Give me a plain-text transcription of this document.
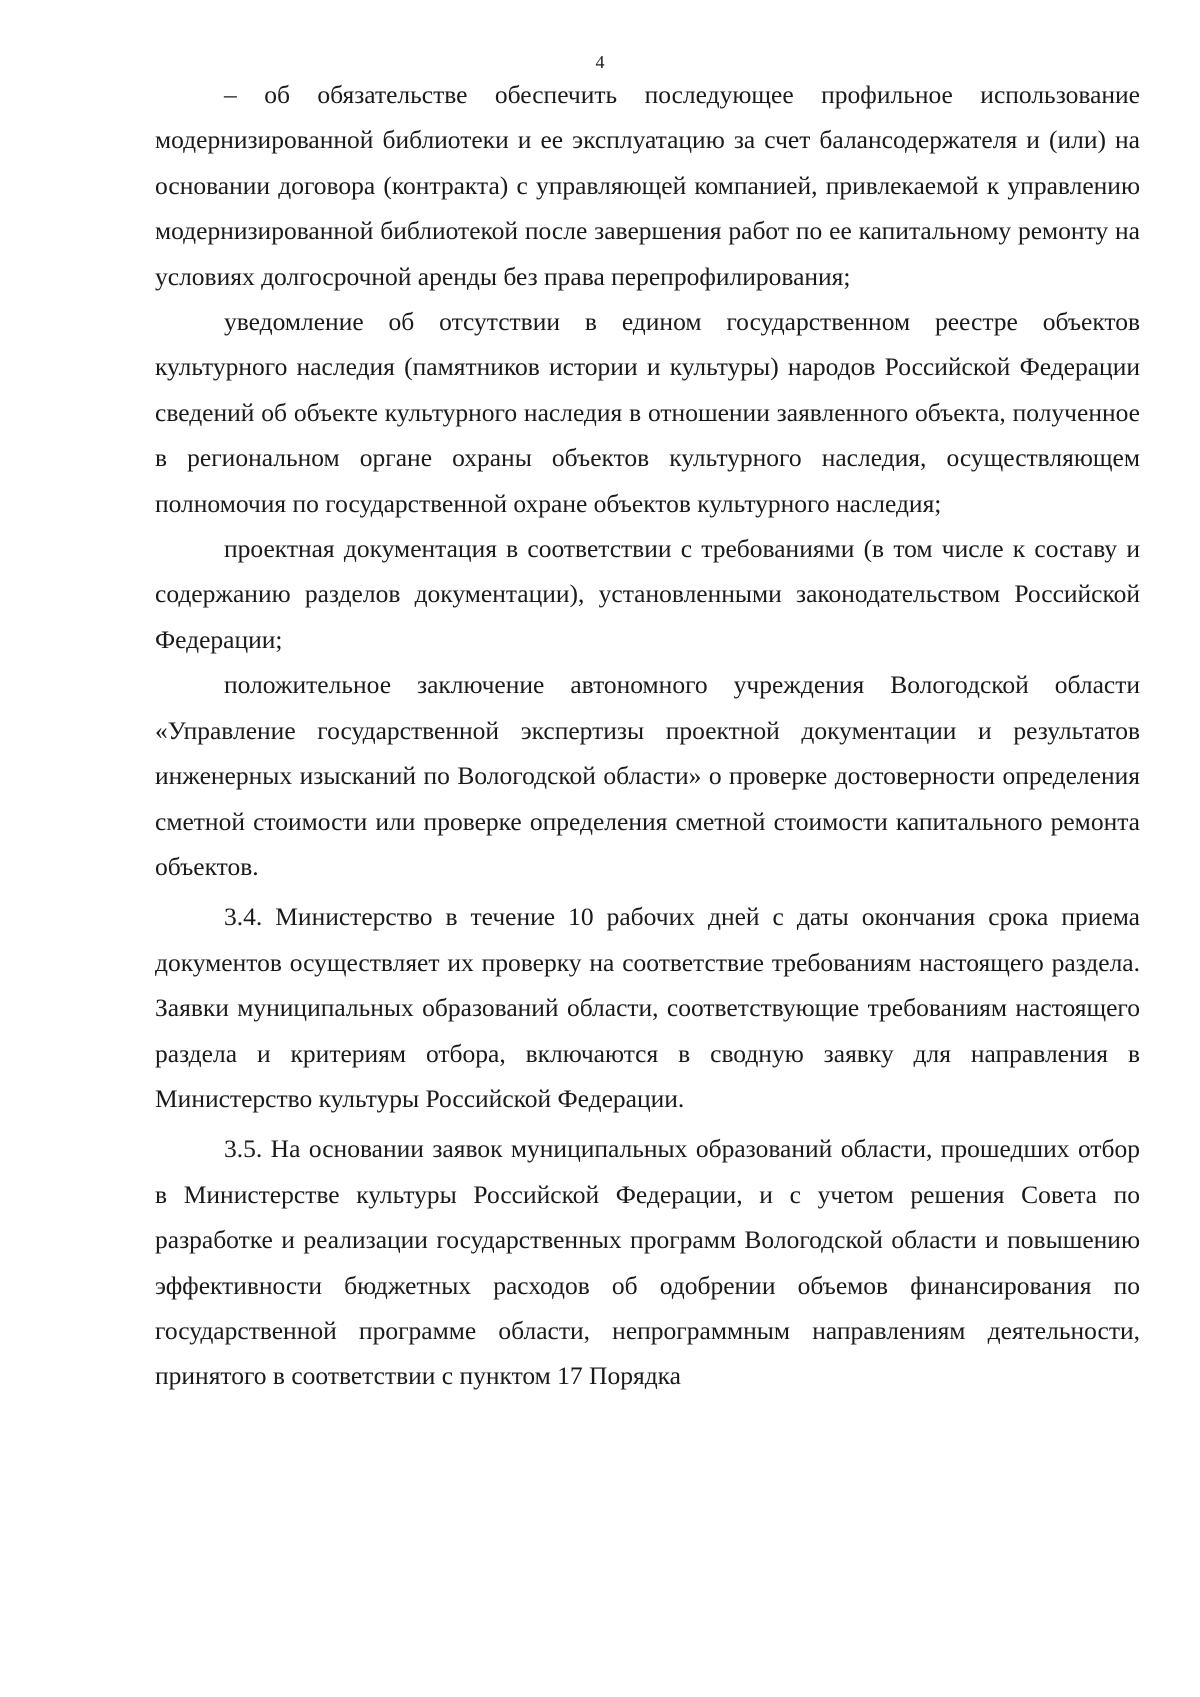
4

– об обязательстве обеспечить последующее профильное использование модернизированной библиотеки и ее эксплуатацию за счет балансодержателя и (или) на основании договора (контракта) с управляющей компанией, привлекаемой к управлению модернизированной библиотекой после завершения работ по ее капитальному ремонту на условиях долгосрочной аренды без права перепрофилирования;

уведомление об отсутствии в едином государственном реестре объектов культурного наследия (памятников истории и культуры) народов Российской Федерации сведений об объекте культурного наследия в отношении заявленного объекта, полученное в региональном органе охраны объектов культурного наследия, осуществляющем полномочия по государственной охране объектов культурного наследия;

проектная документация в соответствии с требованиями (в том числе к составу и содержанию разделов документации), установленными законодательством Российской Федерации;

положительное заключение автономного учреждения Вологодской области «Управление государственной экспертизы проектной документации и результатов инженерных изысканий по Вологодской области» о проверке достоверности определения сметной стоимости или проверке определения сметной стоимости капитального ремонта объектов.

3.4. Министерство в течение 10 рабочих дней с даты окончания срока приема документов осуществляет их проверку на соответствие требованиям настоящего раздела. Заявки муниципальных образований области, соответствующие требованиям настоящего раздела и критериям отбора, включаются в сводную заявку для направления в Министерство культуры Российской Федерации.

3.5. На основании заявок муниципальных образований области, прошедших отбор в Министерстве культуры Российской Федерации, и с учетом решения Совета по разработке и реализации государственных программ Вологодской области и повышению эффективности бюджетных расходов об одобрении объемов финансирования по государственной программе области, непрограммным направлениям деятельности, принятого в соответствии с пунктом 17 Порядка
